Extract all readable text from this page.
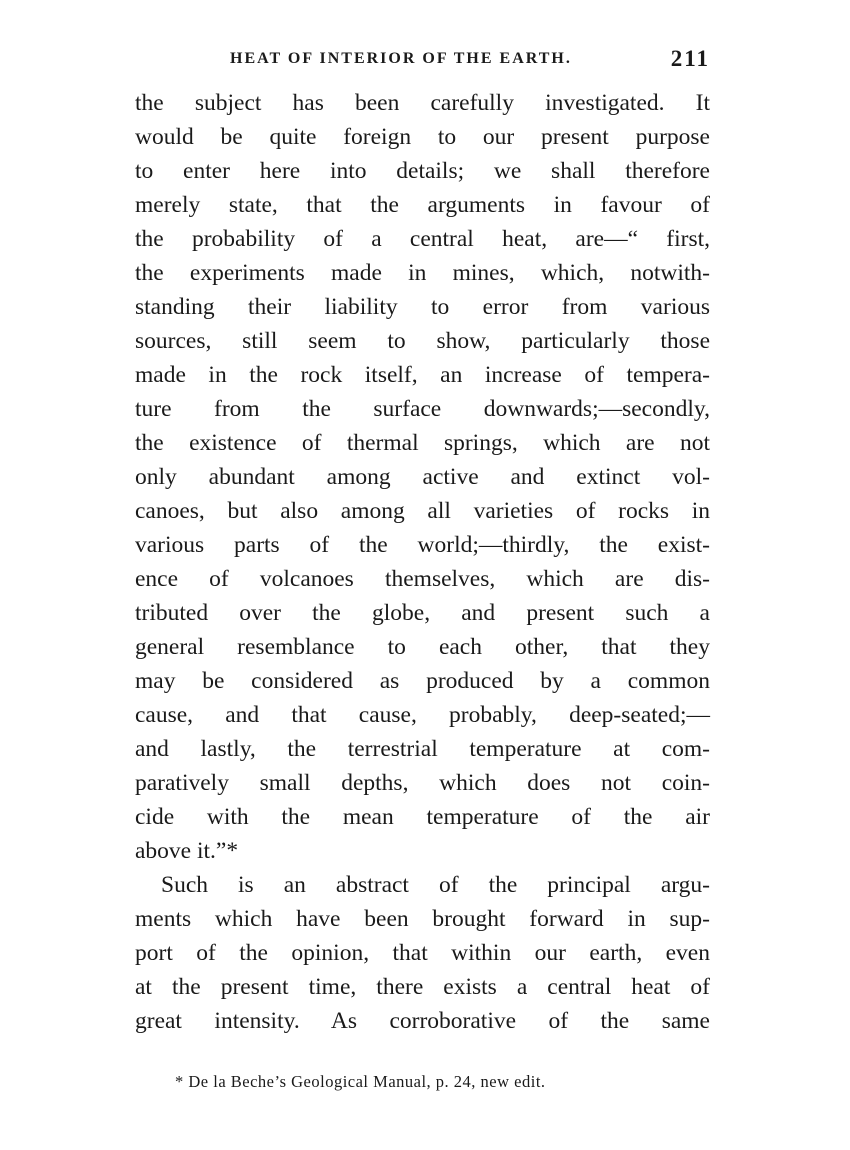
HEAT OF INTERIOR OF THE EARTH.	211
the subject has been carefully investigated. It
would be quite foreign to our present purpose
to enter here into details; we shall therefore
merely state, that the arguments in favour of
the probability of a central heat, are—“ first,
the experiments made in mines, which, notwith-
standing their liability to error from various
sources, still seem to show, particularly those
made in the rock itself, an increase of tempera-
ture from the surface downwards;—secondly,
the existence of thermal springs, which are not
only abundant among active and extinct vol-
canoes, but also among all varieties of rocks in
various parts of the world;—thirdly, the exist-
ence of volcanoes themselves, which are dis-
tributed over the globe, and present such a
general resemblance to each other, that they
may be considered as produced by a common
cause, and that cause, probably, deep-seated;—
and lastly, the terrestrial temperature at com-
paratively small depths, which does not coin-
cide with the mean temperature of the air
above it.”*
Such is an abstract of the principal argu-
ments which have been brought forward in sup-
port of the opinion, that within our earth, even
at the present time, there exists a central heat of
great intensity. As corroborative of the same
* De la Beche’s Geological Manual, p. 24, new edit.
